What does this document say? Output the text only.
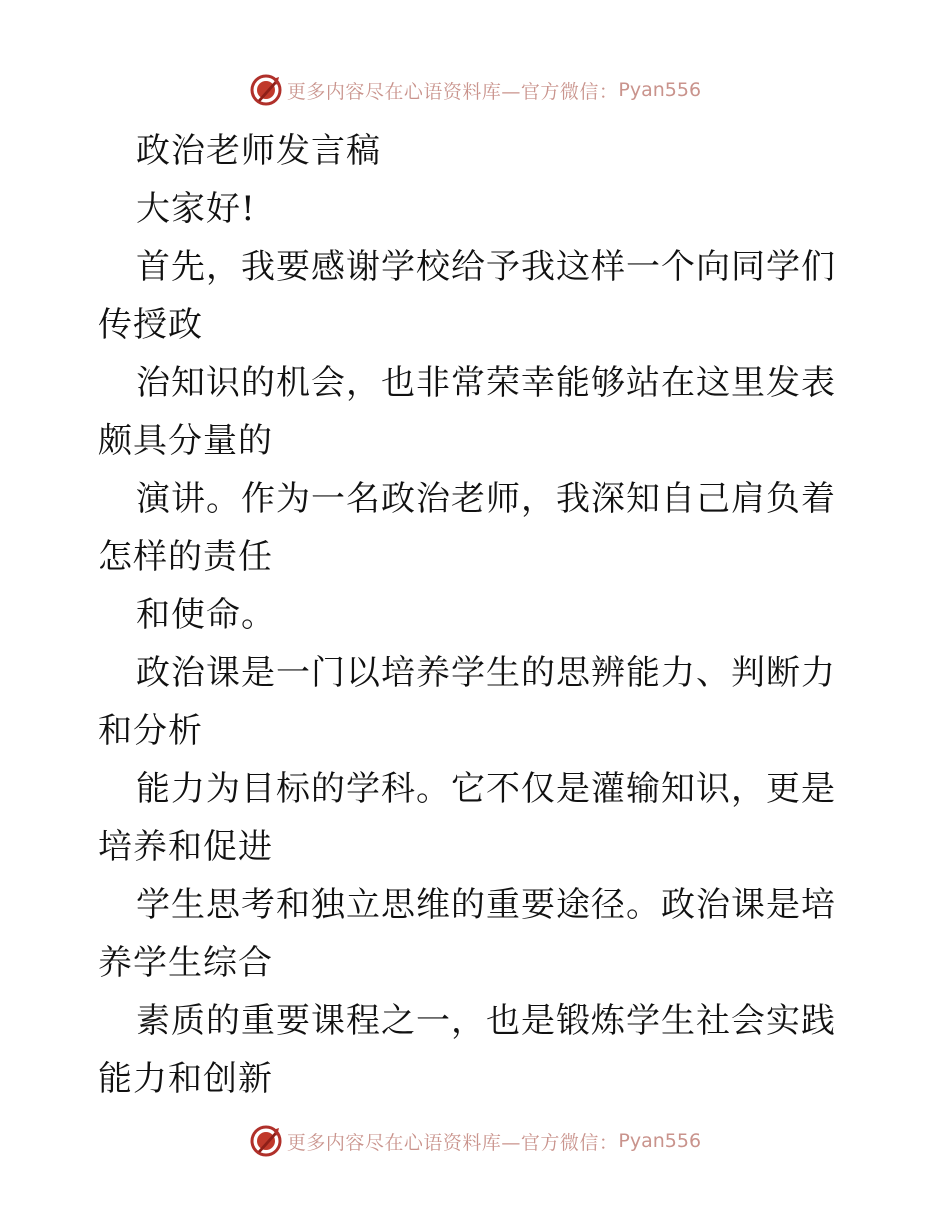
更多内容尽在心语资料库—官方微信： Pyan556

政治老师发言稿

大家好!

首先，我要感谢学校给予我这样一个向同学们传授政

治知识的机会，也非常荣幸能够站在这里发表颇具分量的

演讲。作为一名政治老师，我深知自己肩负着怎样的责任

和使命。

政治课是一门以培养学生的思辨能力、判断力和分析

能力为目标的学科。它不仅是灌输知识，更是培养和促进

学生思考和独立思维的重要途径。政治课是培养学生综合

素质的重要课程之一，也是锻炼学生社会实践能力和创新

更多内容尽在心语资料库—官方微信： Pyan556
